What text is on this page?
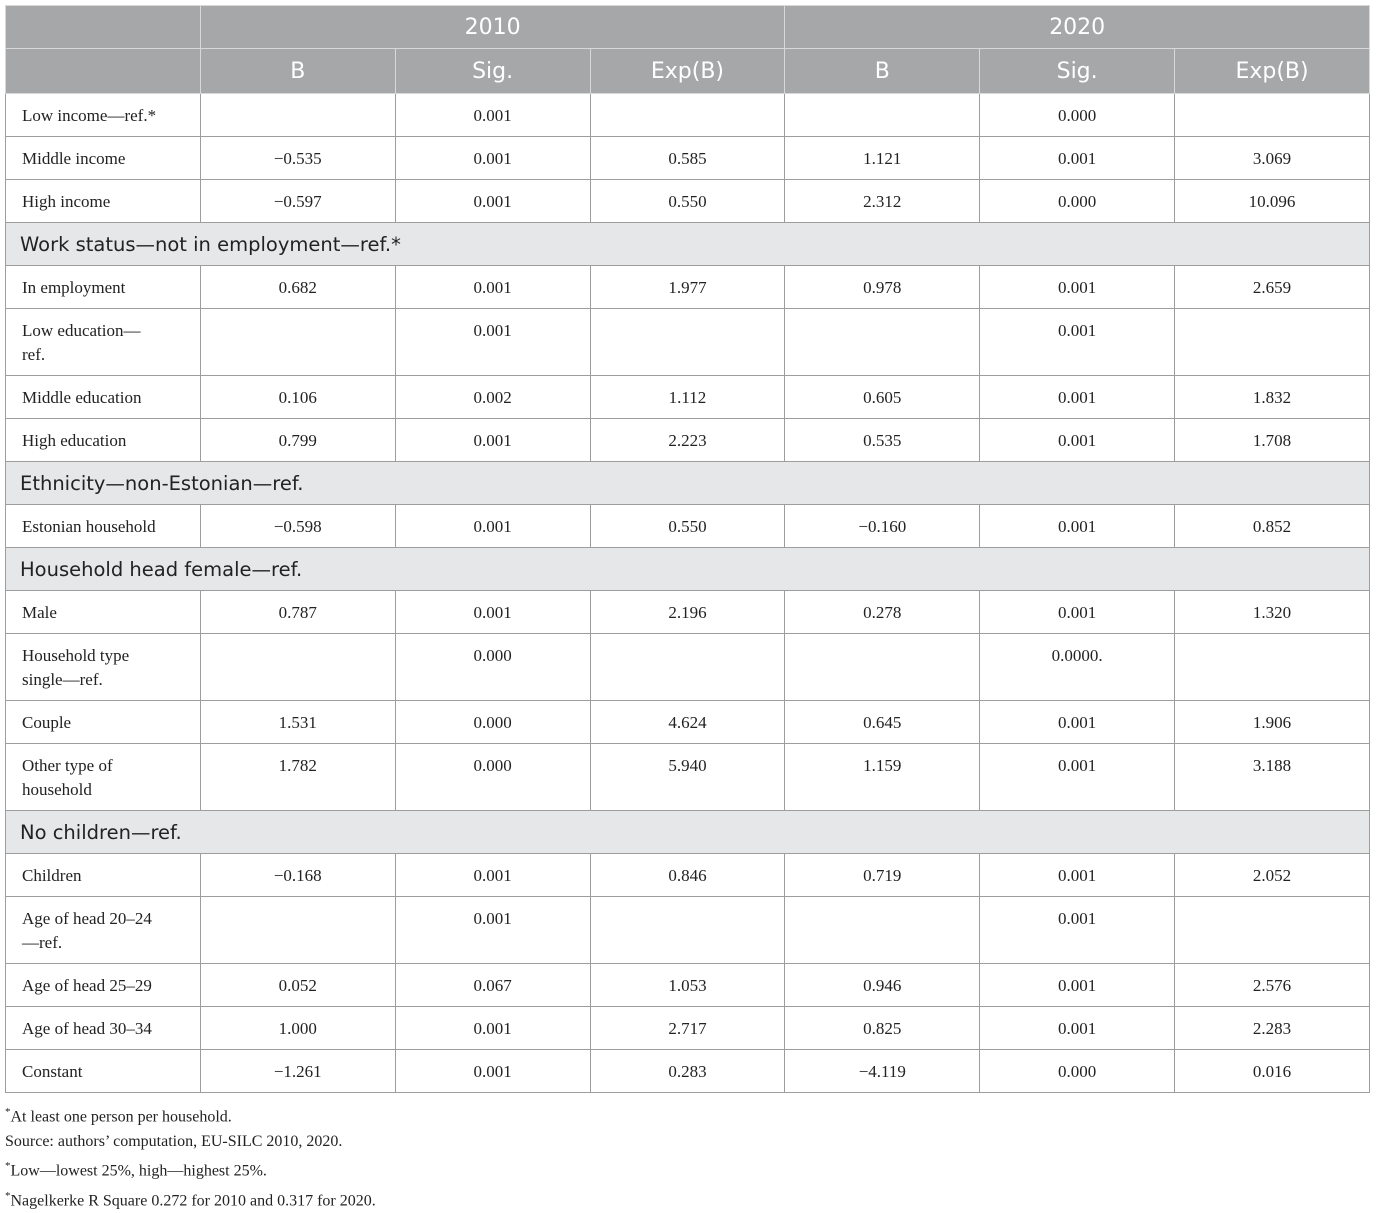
	2010			2020		
	B	Sig.	Exp(B)	B	Sig.	Exp(B)
Low income—ref.*		0.001			0.000	
Middle income	−0.535	0.001	0.585	1.121	0.001	3.069
High income	−0.597	0.001	0.550	2.312	0.000	10.096
Work status—not in employment—ref.*						
In employment	0.682	0.001	1.977	0.978	0.001	2.659
Low education—ref.		0.001			0.001	
Middle education	0.106	0.002	1.112	0.605	0.001	1.832
High education	0.799	0.001	2.223	0.535	0.001	1.708
Ethnicity—non-Estonian—ref.						
Estonian household	−0.598	0.001	0.550	−0.160	0.001	0.852
Household head female—ref.						
Male	0.787	0.001	2.196	0.278	0.001	1.320
Household type single—ref.		0.000			0.0000.	
Couple	1.531	0.000	4.624	0.645	0.001	1.906
Other type of household	1.782	0.000	5.940	1.159	0.001	3.188
No children—ref.						
Children	−0.168	0.001	0.846	0.719	0.001	2.052
Age of head 20–24—ref.		0.001			0.001	
Age of head 25–29	0.052	0.067	1.053	0.946	0.001	2.576
Age of head 30–34	1.000	0.001	2.717	0.825	0.001	2.283
Constant	−1.261	0.001	0.283	−4.119	0.000	0.016
*At least one person per household.
Source: authors’ computation, EU-SILC 2010, 2020.
*Low—lowest 25%, high—highest 25%.
*Nagelkerke R Square 0.272 for 2010 and 0.317 for 2020.
